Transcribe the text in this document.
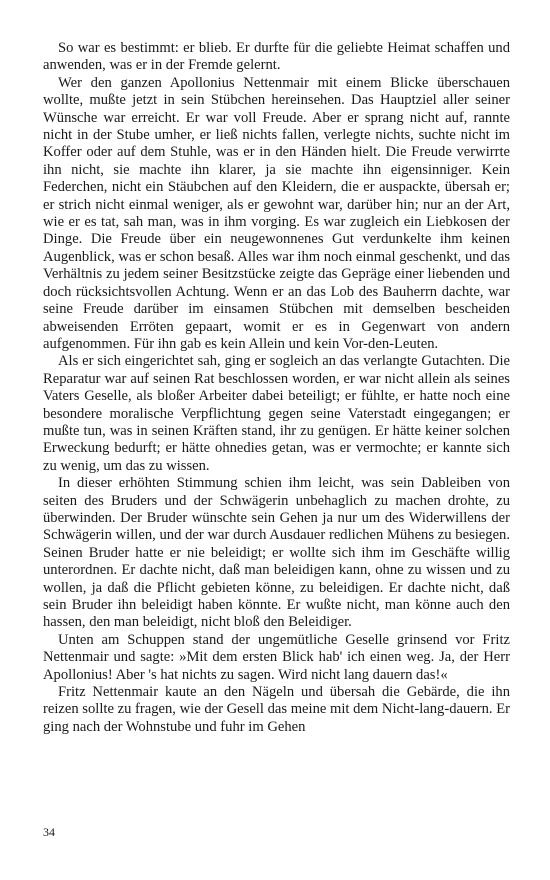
So war es bestimmt: er blieb. Er durfte für die geliebte Heimat schaffen und anwenden, was er in der Fremde gelernt.

Wer den ganzen Apollonius Nettenmair mit einem Blicke überschauen wollte, mußte jetzt in sein Stübchen hereinsehen. Das Hauptziel aller seiner Wünsche war erreicht. Er war voll Freude. Aber er sprang nicht auf, rannte nicht in der Stube umher, er ließ nichts fallen, verlegte nichts, suchte nicht im Koffer oder auf dem Stuhle, was er in den Händen hielt. Die Freude verwirrte ihn nicht, sie machte ihn klarer, ja sie machte ihn eigensinniger. Kein Federchen, nicht ein Stäubchen auf den Kleidern, die er auspackte, übersah er; er strich nicht einmal weniger, als er gewohnt war, darüber hin; nur an der Art, wie er es tat, sah man, was in ihm vorging. Es war zugleich ein Liebkosen der Dinge. Die Freude über ein neugewonnenes Gut verdunkelte ihm keinen Augenblick, was er schon besaß. Alles war ihm noch einmal geschenkt, und das Verhältnis zu jedem seiner Besitzstücke zeigte das Gepräge einer liebenden und doch rücksichtsvollen Achtung. Wenn er an das Lob des Bauherrn dachte, war seine Freude darüber im einsamen Stübchen mit demselben bescheiden abweisenden Erröten gepaart, womit er es in Gegenwart von andern aufgenommen. Für ihn gab es kein Allein und kein Vor-den-Leuten.

Als er sich eingerichtet sah, ging er sogleich an das verlangte Gutachten. Die Reparatur war auf seinen Rat beschlossen worden, er war nicht allein als seines Vaters Geselle, als bloßer Arbeiter dabei beteiligt; er fühlte, er hatte noch eine besondere moralische Verpflichtung gegen seine Vaterstadt eingegangen; er mußte tun, was in seinen Kräften stand, ihr zu genügen. Er hätte keiner solchen Erweckung bedurft; er hätte ohnedies getan, was er vermochte; er kannte sich zu wenig, um das zu wissen.

In dieser erhöhten Stimmung schien ihm leicht, was sein Dableiben von seiten des Bruders und der Schwägerin unbehaglich zu machen drohte, zu überwinden. Der Bruder wünschte sein Gehen ja nur um des Widerwillens der Schwägerin willen, und der war durch Ausdauer redlichen Mühens zu besiegen. Seinen Bruder hatte er nie beleidigt; er wollte sich ihm im Geschäfte willig unterordnen. Er dachte nicht, daß man beleidigen kann, ohne zu wissen und zu wollen, ja daß die Pflicht gebieten könne, zu beleidigen. Er dachte nicht, daß sein Bruder ihn beleidigt haben könnte. Er wußte nicht, man könne auch den hassen, den man beleidigt, nicht bloß den Beleidiger.

Unten am Schuppen stand der ungemütliche Geselle grinsend vor Fritz Nettenmair und sagte: »Mit dem ersten Blick hab' ich einen weg. Ja, der Herr Apollonius! Aber 's hat nichts zu sagen. Wird nicht lang dauern das!«

Fritz Nettenmair kaute an den Nägeln und übersah die Gebärde, die ihn reizen sollte zu fragen, wie der Gesell das meine mit dem Nicht-lang-dauern. Er ging nach der Wohnstube und fuhr im Gehen

34
